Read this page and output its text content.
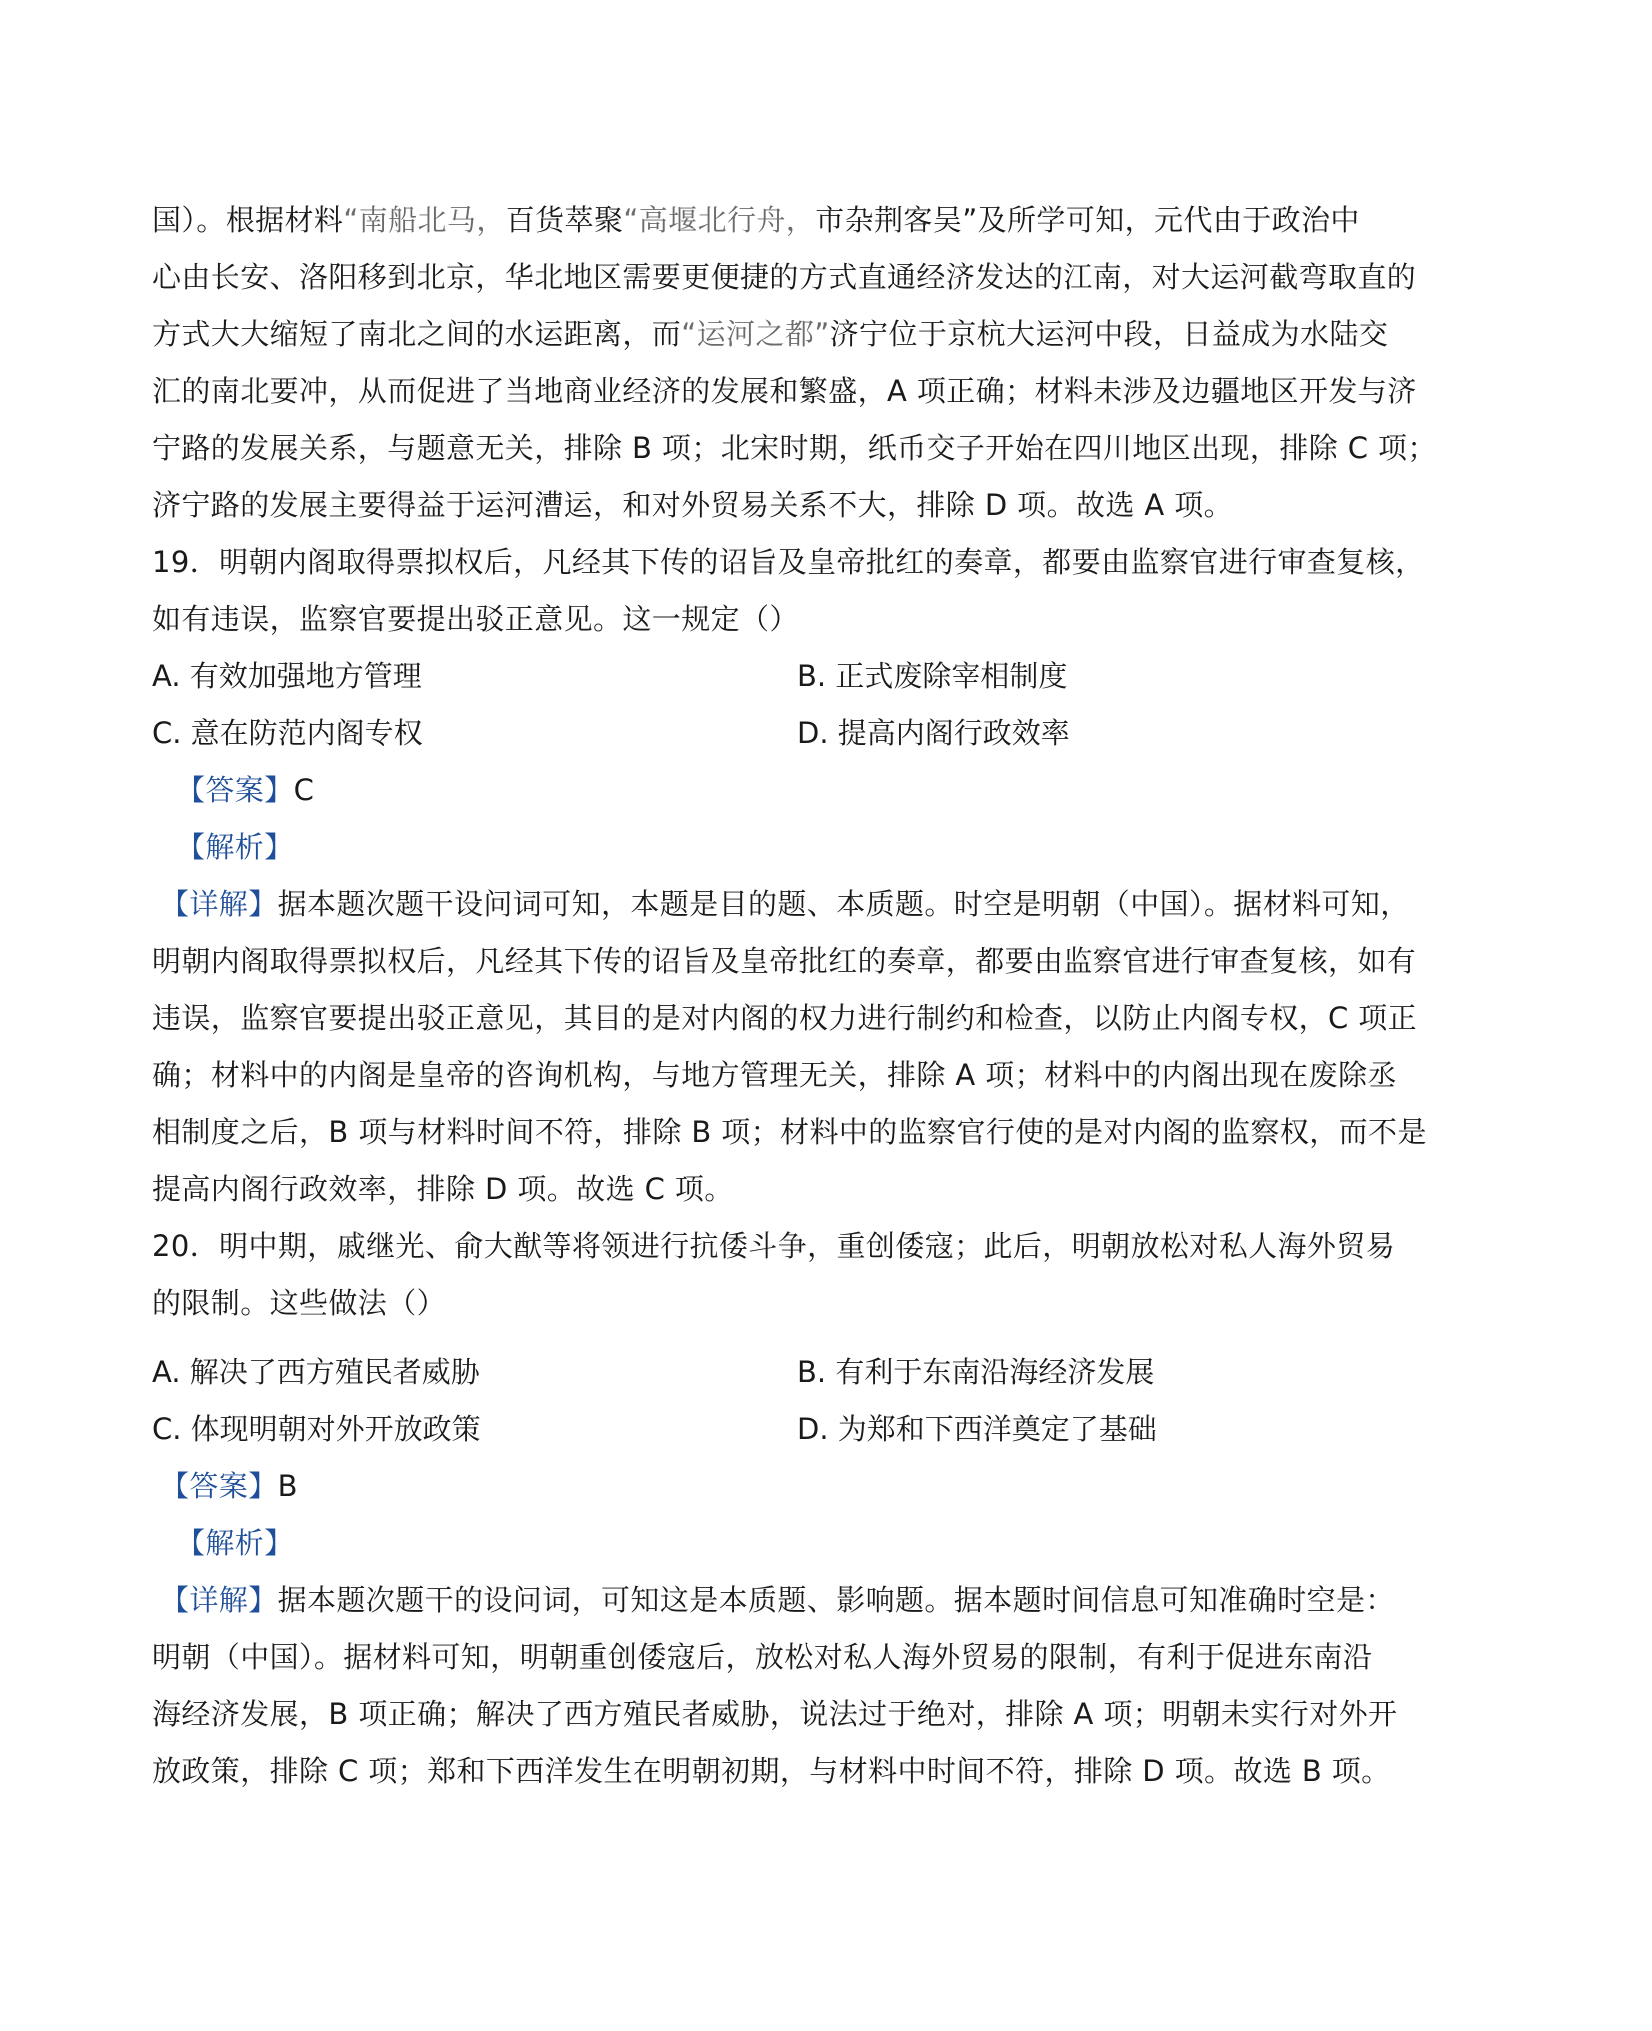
国）。根据材料“南船北马，百货萃聚“高堰北行舟，市杂荆客吴”及所学可知，元代由于政治中
心由长安、洛阳移到北京，华北地区需要更便捷的方式直通经济发达的江南，对大运河截弯取直的
方式大大缩短了南北之间的水运距离，而“运河之都”济宁位于京杭大运河中段，日益成为水陆交
汇的南北要冲，从而促进了当地商业经济的发展和繁盛，A 项正确；材料未涉及边疆地区开发与济
宁路的发展关系，与题意无关，排除 B 项；北宋时期，纸币交子开始在四川地区出现，排除 C 项；
济宁路的发展主要得益于运河漕运，和对外贸易关系不大，排除 D 项。故选 A 项。
19．明朝内阁取得票拟权后，凡经其下传的诏旨及皇帝批红的奏章，都要由监察官进行审查复核，
如有违误，监察官要提出驳正意见。这一规定（）
A. 有效加强地方管理	B. 正式废除宰相制度
C. 意在防范内阁专权	D. 提高内阁行政效率
【答案】C
【解析】
【详解】据本题次题干设问词可知，本题是目的题、本质题。时空是明朝（中国）。据材料可知，
明朝内阁取得票拟权后，凡经其下传的诏旨及皇帝批红的奏章，都要由监察官进行审查复核，如有
违误，监察官要提出驳正意见，其目的是对内阁的权力进行制约和检查，以防止内阁专权，C 项正
确；材料中的内阁是皇帝的咨询机构，与地方管理无关，排除 A 项；材料中的内阁出现在废除丞
相制度之后，B 项与材料时间不符，排除 B 项；材料中的监察官行使的是对内阁的监察权，而不是
提高内阁行政效率，排除 D 项。故选 C 项。
20．明中期，戚继光、俞大猷等将领进行抗倭斗争，重创倭寇；此后，明朝放松对私人海外贸易
的限制。这些做法（）
A. 解决了西方殖民者威胁	B. 有利于东南沿海经济发展
C. 体现明朝对外开放政策	D. 为郑和下西洋奠定了基础
【答案】B
【解析】
【详解】据本题次题干的设问词，可知这是本质题、影响题。据本题时间信息可知准确时空是：
明朝（中国）。据材料可知，明朝重创倭寇后，放松对私人海外贸易的限制，有利于促进东南沿
海经济发展，B 项正确；解决了西方殖民者威胁，说法过于绝对，排除 A 项；明朝未实行对外开
放政策，排除 C 项；郑和下西洋发生在明朝初期，与材料中时间不符，排除 D 项。故选 B 项。
